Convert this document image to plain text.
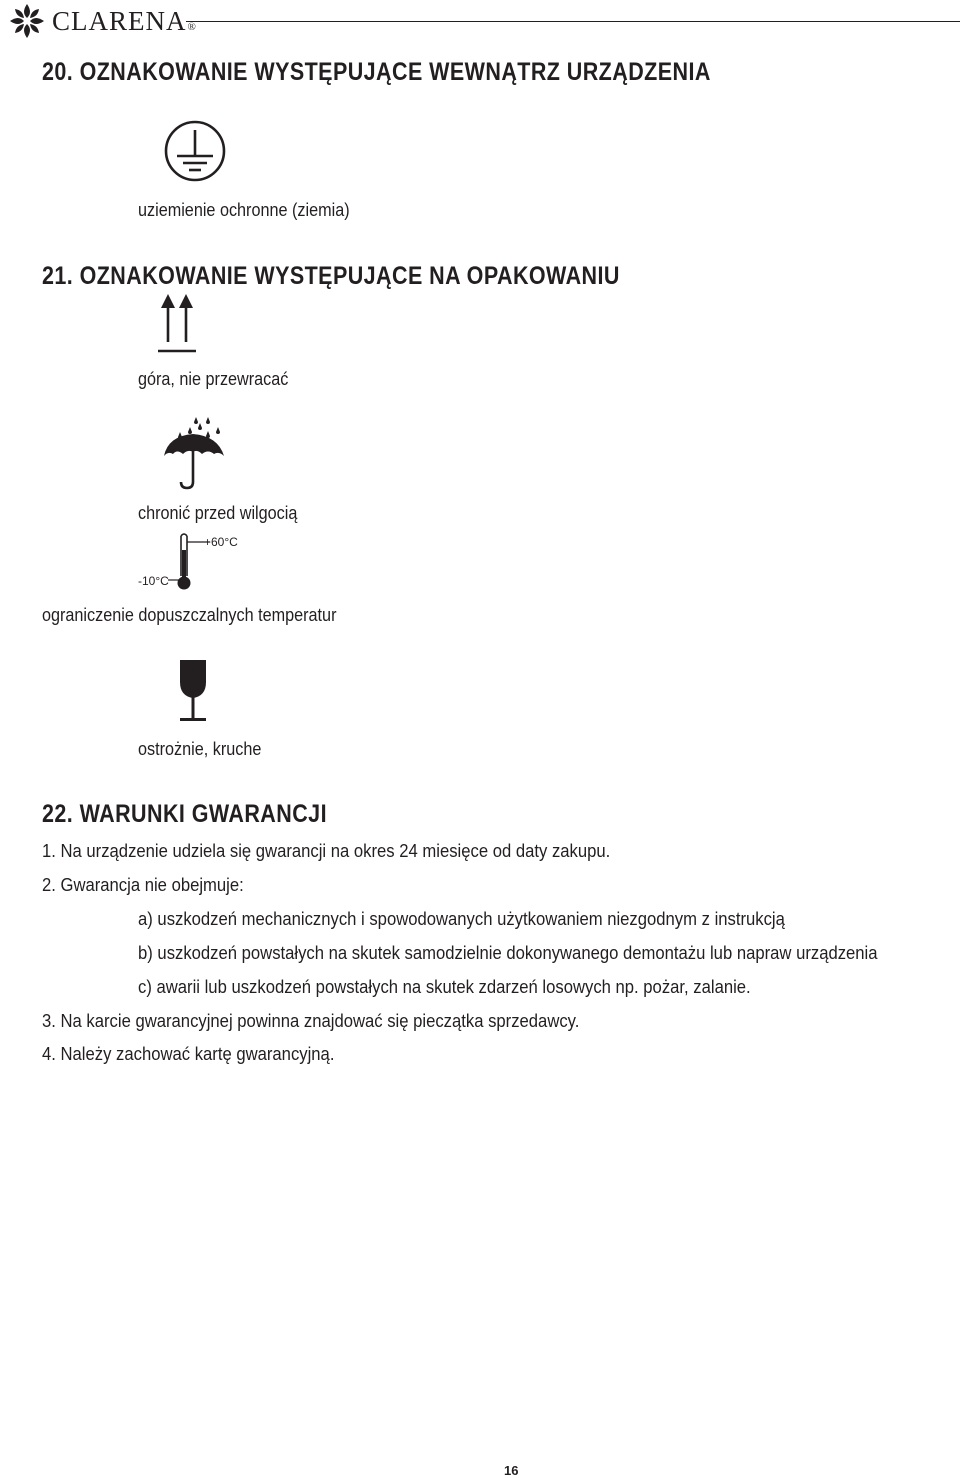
CLARENA®
20. OZNAKOWANIE WYSTĘPUJĄCE WEWNĄTRZ URZĄDZENIA
uziemienie ochronne (ziemia)
21. OZNAKOWANIE WYSTĘPUJĄCE NA OPAKOWANIU
góra, nie przewracać
chronić przed wilgocią
+60°C
-10°C
ograniczenie dopuszczalnych temperatur
ostrożnie, kruche
22. WARUNKI GWARANCJI
1. Na urządzenie udziela się gwarancji na okres 24 miesięce od daty zakupu.
2. Gwarancja nie obejmuje:
a) uszkodzeń mechanicznych i spowodowanych użytkowaniem niezgodnym z instrukcją
b) uszkodzeń powstałych na skutek samodzielnie dokonywanego demontażu lub napraw urządzenia
c) awarii lub uszkodzeń powstałych na skutek zdarzeń losowych np. pożar, zalanie.
3. Na karcie gwarancyjnej powinna znajdować się pieczątka sprzedawcy.
4. Należy zachować kartę gwarancyjną.
16
